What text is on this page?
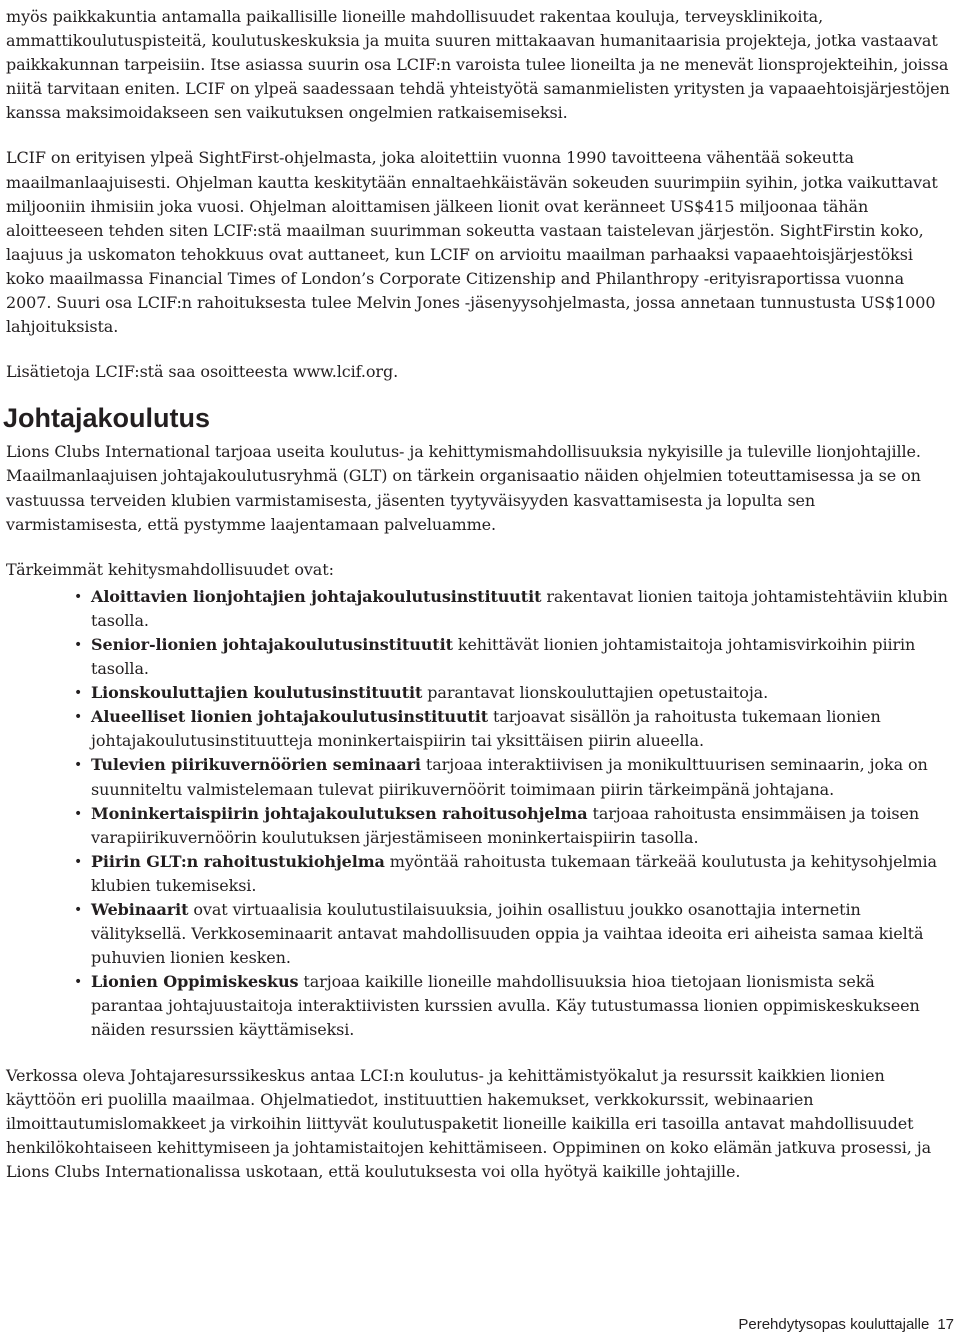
myös paikkakuntia antamalla paikallisille lioneille mahdollisuudet rakentaa kouluja, terveysklinikoita, ammattikoulutuspisteitä, koulutuskeskuksia ja muita suuren mittakaavan humanitaarisia projekteja, jotka vastaavat paikkakunnan tarpeisiin. Itse asiassa suurin osa LCIF:n varoista tulee lioneilta ja ne menevät lionsprojekteihin, joissa niitä tarvitaan eniten. LCIF on ylpeä saadessaan tehdä yhteistyötä samanmielisten yritysten ja vapaaehtoisjärjestöjen kanssa maksimoidakseen sen vaikutuksen ongelmien ratkaisemiseksi.

LCIF on erityisen ylpeä SightFirst-ohjelmasta, joka aloitettiin vuonna 1990 tavoitteena vähentää sokeutta maailmanlaajuisesti. Ohjelman kautta keskitytään ennaltaehkäistävän sokeuden suurimpiin syihin, jotka vaikuttavat miljooniin ihmisiin joka vuosi. Ohjelman aloittamisen jälkeen lionit ovat keränneet US$415 miljoonaa tähän aloitteeseen tehden siten LCIF:stä maailman suurimman sokeutta vastaan taistelevan järjestön. SightFirstin koko, laajuus ja uskomaton tehokkuus ovat auttaneet, kun LCIF on arvioitu maailman parhaaksi vapaaehtoisjärjestöksi koko maailmassa Financial Times of London’s Corporate Citizenship and Philanthropy -erityisraportissa vuonna 2007. Suuri osa LCIF:n rahoituksesta tulee Melvin Jones -jäsenyysohjelmasta, jossa annetaan tunnustusta US$1000 lahjoituksista.

Lisätietoja LCIF:stä saa osoitteesta www.lcif.org.

Johtajakoulutus

Lions Clubs International tarjoaa useita koulutus- ja kehittymismahdollisuuksia nykyisille ja tuleville lionjohtajille. Maailmanlaajuisen johtajakoulutusryhmä (GLT) on tärkein organisaatio näiden ohjelmien toteuttamisessa ja se on vastuussa terveiden klubien varmistamisesta, jäsenten tyytyväisyyden kasvattamisesta ja lopulta sen varmistamisesta, että pystymme laajentamaan palveluamme.

Tärkeimmät kehitysmahdollisuudet ovat:

• Aloittavien lionjohtajien johtajakoulutusinstituutit rakentavat lionien taitoja johtamistehtäviin klubin tasolla.
• Senior-lionien johtajakoulutusinstituutit kehittävät lionien johtamistaitoja johtamisvirkoihin piirin tasolla.
• Lionskouluttajien koulutusinstituutit parantavat lionskouluttajien opetustaitoja.
• Alueelliset lionien johtajakoulutusinstituutit tarjoavat sisällön ja rahoitusta tukemaan lionien johtajakoulutusinstituutteja moninkertaispiirin tai yksittäisen piirin alueella.
• Tulevien piirikuvernöörien seminaari tarjoaa interaktiivisen ja monikulttuurisen seminaarin, joka on suunniteltu valmistelemaan tulevat piirikuvernöörit toimimaan piirin tärkeimpänä johtajana.
• Moninkertaispiirin johtajakoulutuksen rahoitusohjelma tarjoaa rahoitusta ensimmäisen ja toisen varapiirikuvernöörin koulutuksen järjestämiseen moninkertaispiirin tasolla.
• Piirin GLT:n rahoitustukiohjelma myöntää rahoitusta tukemaan tärkeää koulutusta ja kehitysohjelmia klubien tukemiseksi.
• Webinaarit ovat virtuaalisia koulutustilaisuuksia, joihin osallistuu joukko osanottajia internetin välityksellä. Verkkoseminaarit antavat mahdollisuuden oppia ja vaihtaa ideoita eri aiheista samaa kieltä puhuvien lionien kesken.
• Lionien Oppimiskeskus tarjoaa kaikille lioneille mahdollisuuksia hioa tietojaan lionismista sekä parantaa johtajuustaitoja interaktiivisten kurssien avulla. Käy tutustumassa lionien oppimiskeskukseen näiden resurssien käyttämiseksi.

Verkossa oleva Johtajaresurssikeskus antaa LCI:n koulutus- ja kehittämistyökalut ja resurssit kaikkien lionien käyttöön eri puolilla maailmaa. Ohjelmatiedot, instituuttien hakemukset, verkkokurssit, webinaarien ilmoittautumislomakkeet ja virkoihin liittyvät koulutuspaketit lioneille kaikilla eri tasoilla antavat mahdollisuudet henkilökohtaiseen kehittymiseen ja johtamistaitojen kehittämiseen. Oppiminen on koko elämän jatkuva prosessi, ja Lions Clubs Internationalissa uskotaan, että koulutuksesta voi olla hyötyä kaikille johtajille.

Perehdytysopas kouluttajalle 17
